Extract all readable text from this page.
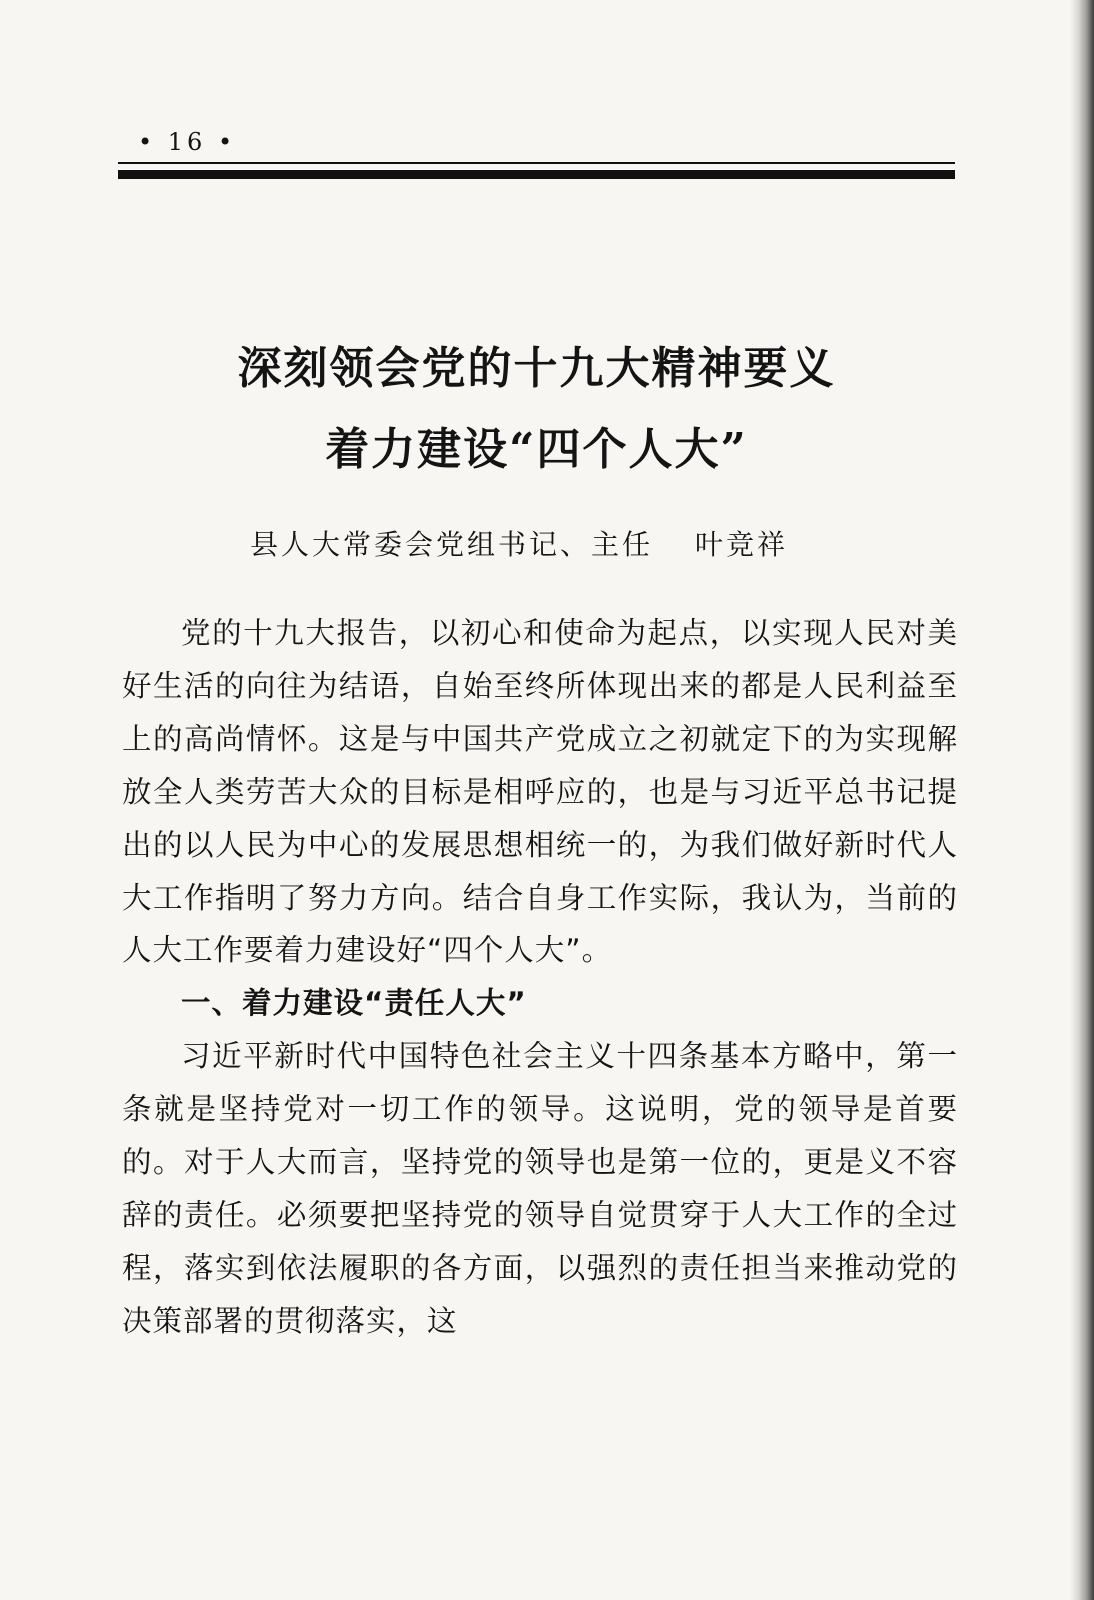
• 16 •
深刻领会党的十九大精神要义
着力建设“四个人大”
县人大常委会党组书记、主任 叶竞祥

党的十九大报告，以初心和使命为起点，以实现人民对美好生活的向往为结语，自始至终所体现出来的都是人民利益至上的高尚情怀。这是与中国共产党成立之初就定下的为实现解放全人类劳苦大众的目标是相呼应的，也是与习近平总书记提出的以人民为中心的发展思想相统一的，为我们做好新时代人大工作指明了努力方向。结合自身工作实际，我认为，当前的人大工作要着力建设好“四个人大”。

一、着力建设“责任人大”

习近平新时代中国特色社会主义十四条基本方略中，第一条就是坚持党对一切工作的领导。这说明，党的领导是首要的。对于人大而言，坚持党的领导也是第一位的，更是义不容辞的责任。必须要把坚持党的领导自觉贯穿于人大工作的全过程，落实到依法履职的各方面，以强烈的责任担当来推动党的决策部署的贯彻落实，这
